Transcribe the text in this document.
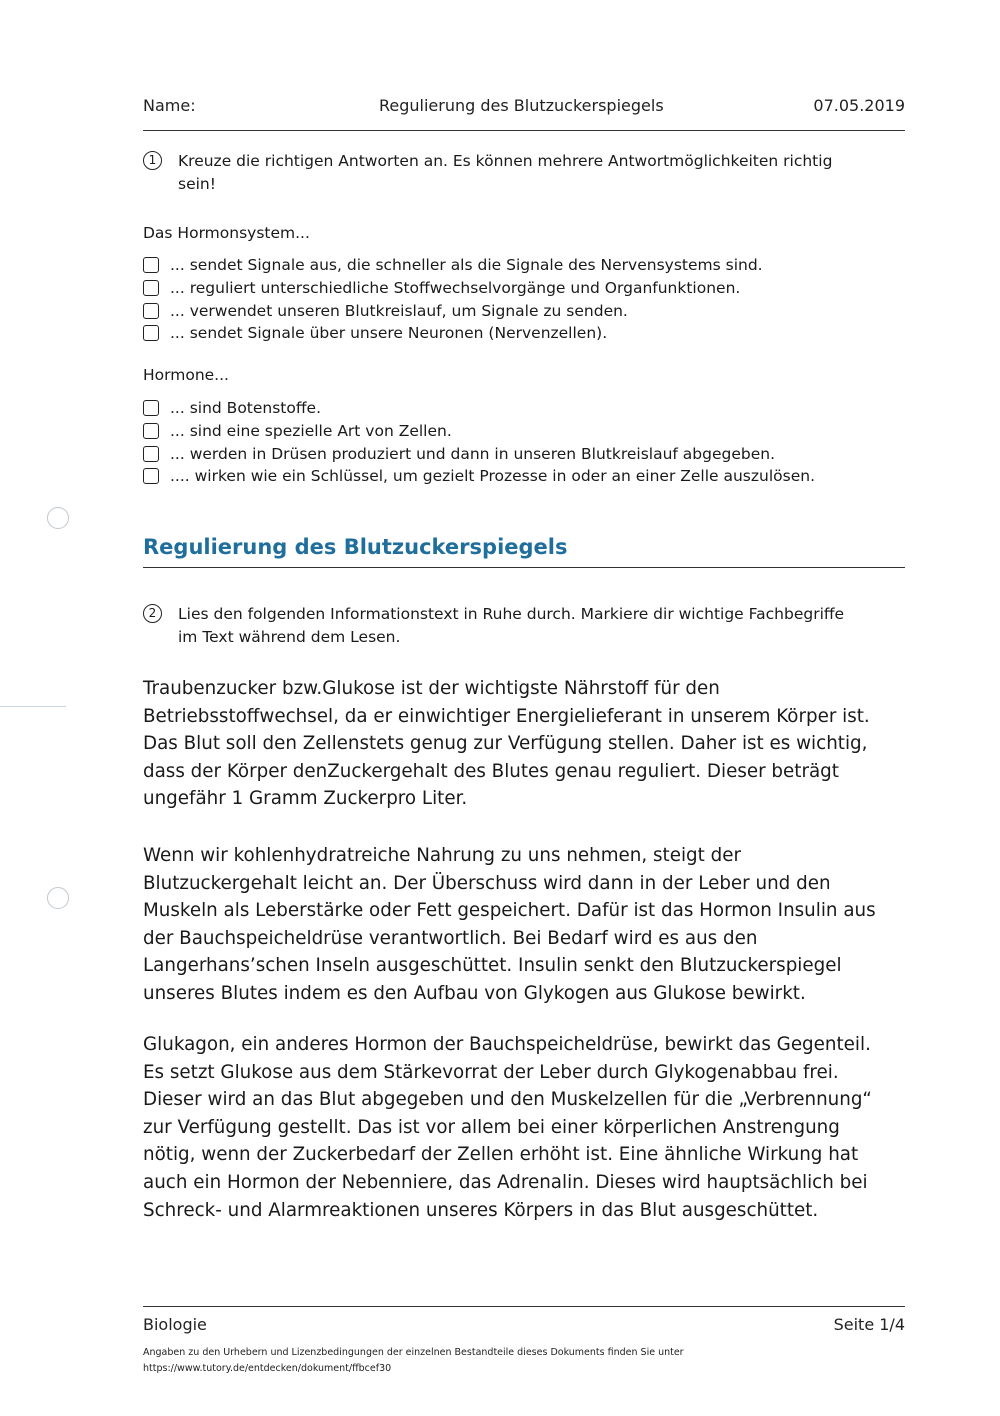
Name:	Regulierung des Blutzuckerspiegels	07.05.2019
1	Kreuze die richtigen Antworten an. Es können mehrere Antwortmöglichkeiten richtig
sein!
Das Hormonsystem...
... sendet Signale aus, die schneller als die Signale des Nervensystems sind.
... reguliert unterschiedliche Stoffwechselvorgänge und Organfunktionen.
... verwendet unseren Blutkreislauf, um Signale zu senden.
... sendet Signale über unsere Neuronen (Nervenzellen).
Hormone...
... sind Botenstoffe.
... sind eine spezielle Art von Zellen.
... werden in Drüsen produziert und dann in unseren Blutkreislauf abgegeben.
.... wirken wie ein Schlüssel, um gezielt Prozesse in oder an einer Zelle auszulösen.
Regulierung des Blutzuckerspiegels
2	Lies den folgenden Informationstext in Ruhe durch. Markiere dir wichtige Fachbegriffe
im Text während dem Lesen.
Traubenzucker bzw.Glukose ist der wichtigste Nährstoff für den
Betriebsstoffwechsel, da er einwichtiger Energielieferant in unserem Körper ist.
Das Blut soll den Zellenstets genug zur Verfügung stellen. Daher ist es wichtig,
dass der Körper denZuckergehalt des Blutes genau reguliert. Dieser beträgt
ungefähr 1 Gramm Zuckerpro Liter.
Wenn wir kohlenhydratreiche Nahrung zu uns nehmen, steigt der
Blutzuckergehalt leicht an. Der Überschuss wird dann in der Leber und den
Muskeln als Leberstärke oder Fett gespeichert. Dafür ist das Hormon Insulin aus
der Bauchspeicheldrüse verantwortlich. Bei Bedarf wird es aus den
Langerhans’schen Inseln ausgeschüttet. Insulin senkt den Blutzuckerspiegel
unseres Blutes indem es den Aufbau von Glykogen aus Glukose bewirkt.
Glukagon, ein anderes Hormon der Bauchspeicheldrüse, bewirkt das Gegenteil.
Es setzt Glukose aus dem Stärkevorrat der Leber durch Glykogenabbau frei.
Dieser wird an das Blut abgegeben und den Muskelzellen für die „Verbrennung“
zur Verfügung gestellt. Das ist vor allem bei einer körperlichen Anstrengung
nötig, wenn der Zuckerbedarf der Zellen erhöht ist. Eine ähnliche Wirkung hat
auch ein Hormon der Nebenniere, das Adrenalin. Dieses wird hauptsächlich bei
Schreck- und Alarmreaktionen unseres Körpers in das Blut ausgeschüttet.
Biologie	Seite 1/4
Angaben zu den Urhebern und Lizenzbedingungen der einzelnen Bestandteile dieses Dokuments finden Sie unter
https://www.tutory.de/entdecken/dokument/ffbcef30
